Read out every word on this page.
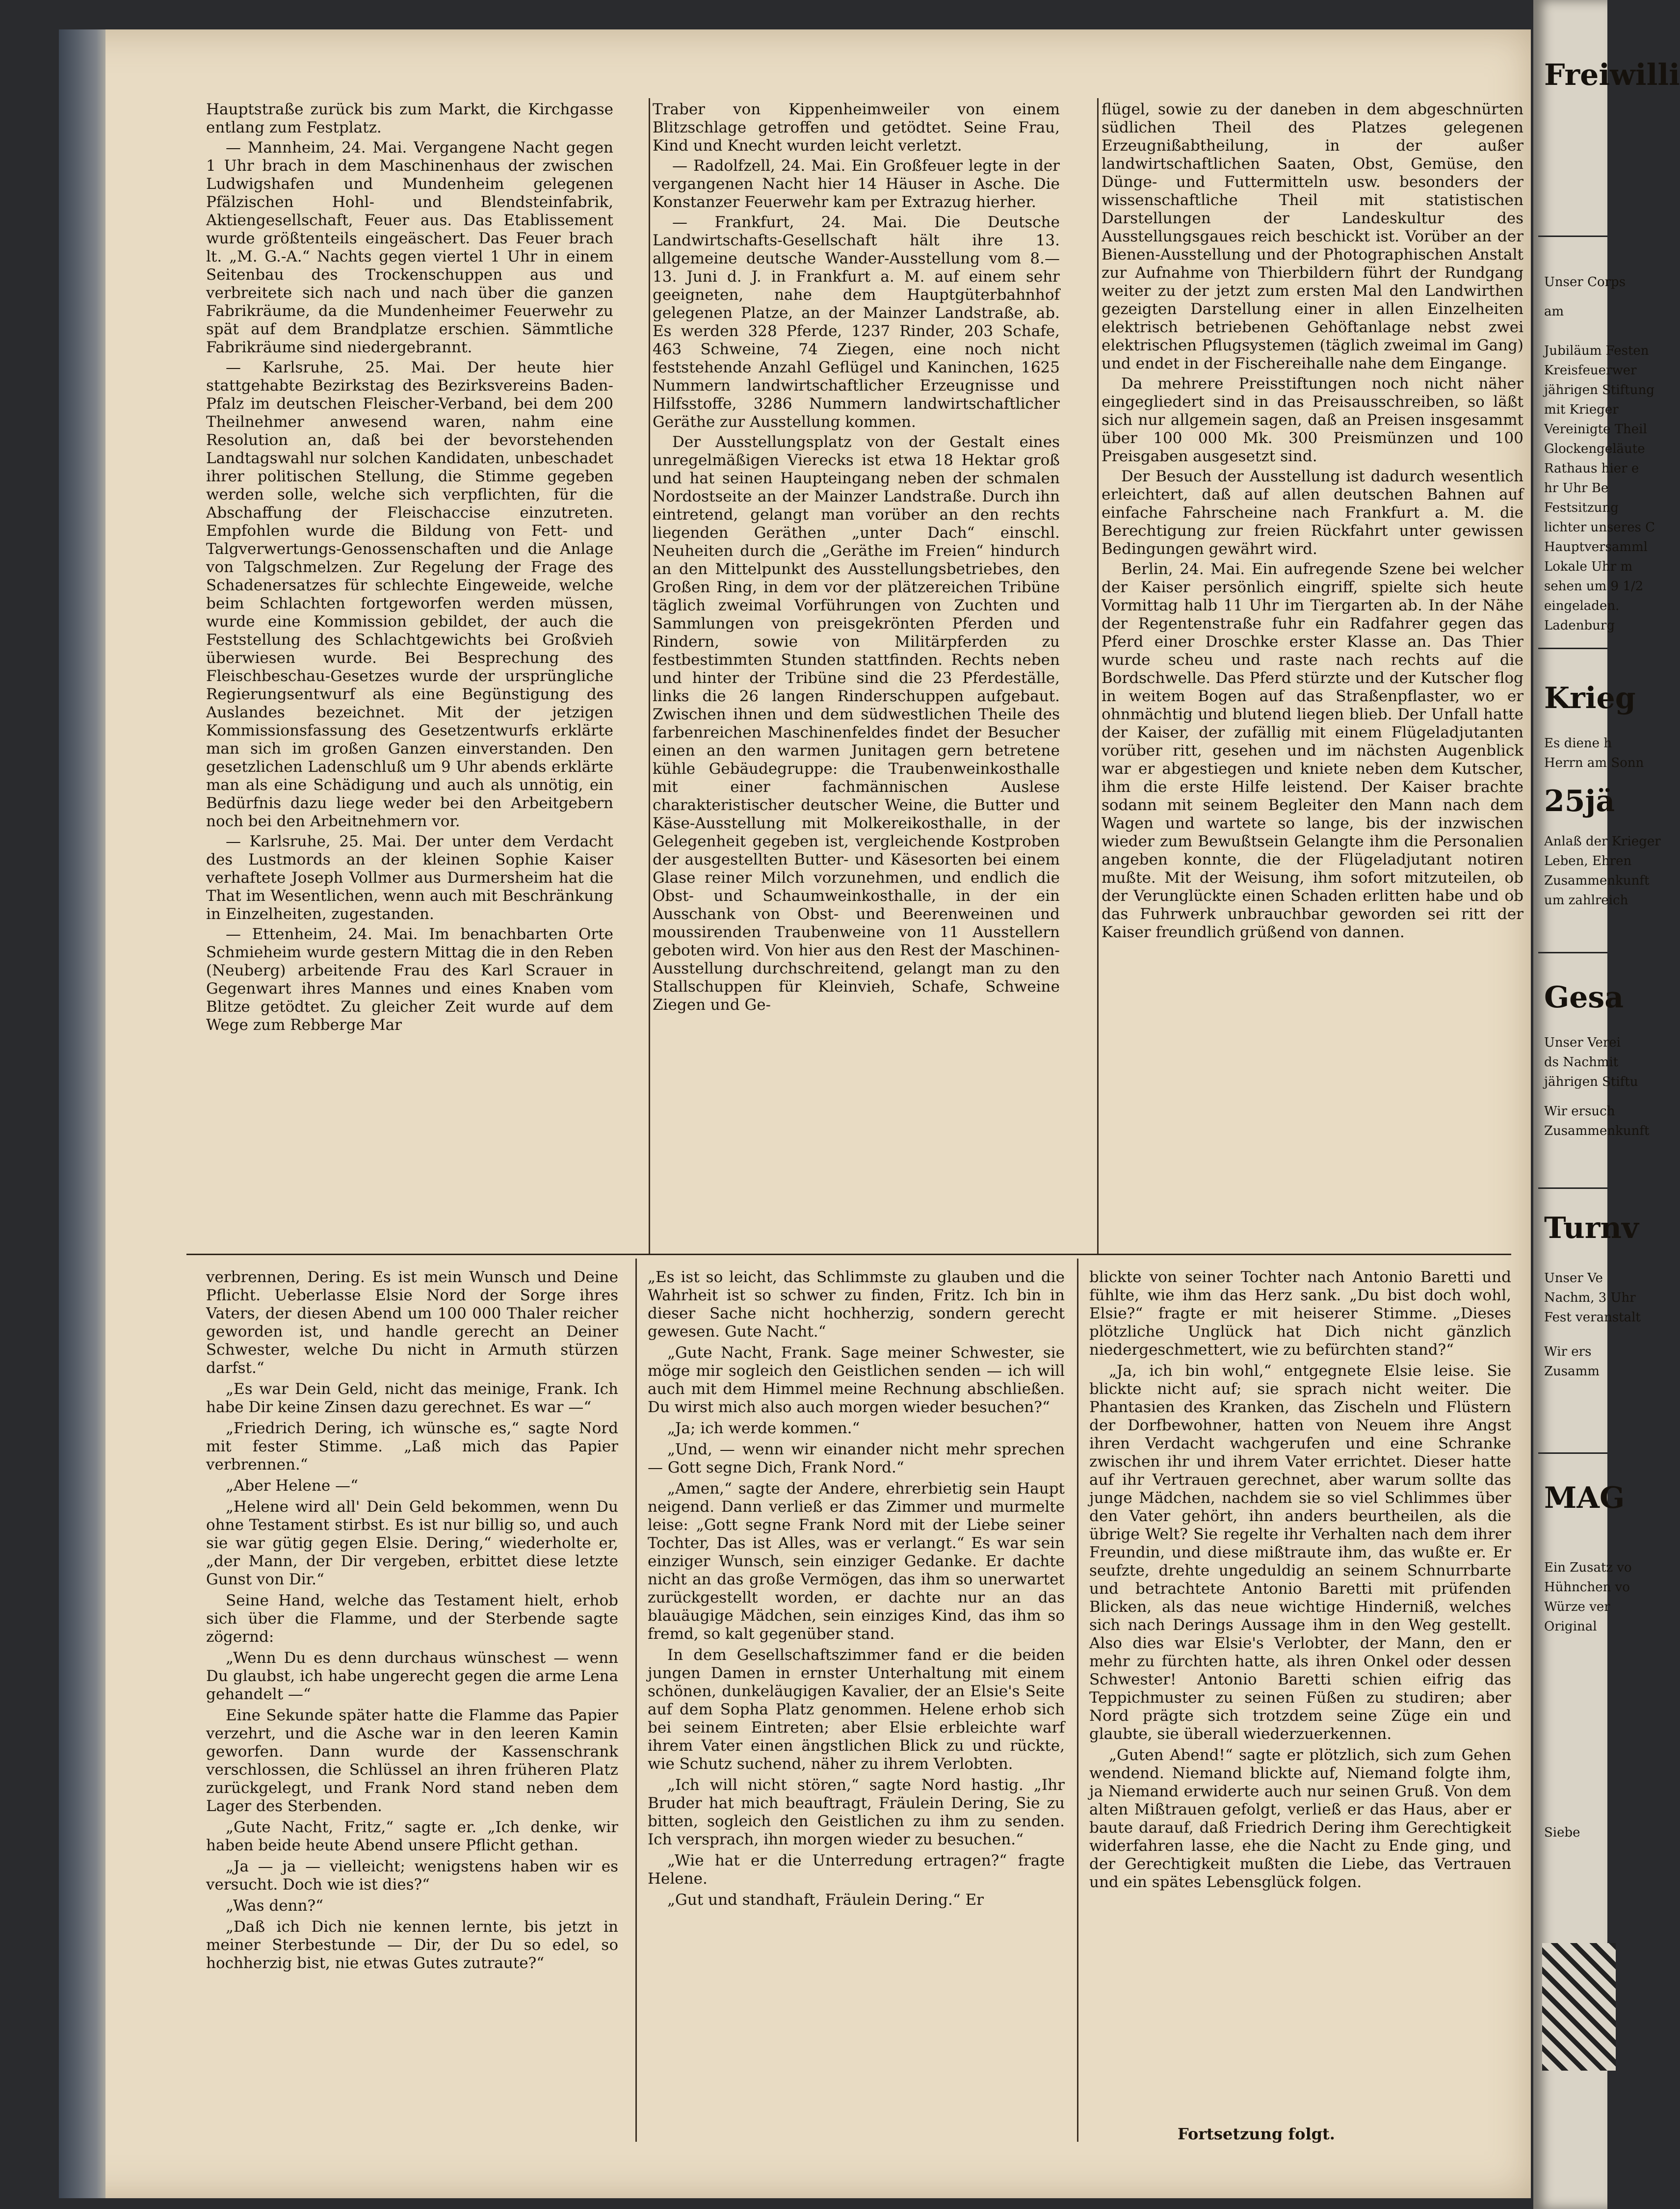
Hauptstraße zurück bis zum Markt, die Kirchgasse entlang zum Festplatz.

— Mannheim, 24. Mai. Vergangene Nacht gegen 1 Uhr brach in dem Maschinenhaus der zwischen Ludwigshafen und Mundenheim gelegenen Pfälzischen Hohl- und Blendsteinfabrik, Aktiengesellschaft, Feuer aus. Das Etablissement wurde größtenteils eingeäschert. Das Feuer brach lt. „M. G.-A.“ Nachts gegen viertel 1 Uhr in einem Seitenbau des Trockenschuppen aus und verbreitete sich nach und nach über die ganzen Fabrikräume, da die Mundenheimer Feuerwehr zu spät auf dem Brandplatze erschien. Sämmtliche Fabrikräume sind niedergebrannt.

— Karlsruhe, 25. Mai. Der heute hier stattgehabte Bezirkstag des Bezirksvereins Baden-Pfalz im deutschen Fleischer-Verband, bei dem 200 Theilnehmer anwesend waren, nahm eine Resolution an, daß bei der bevorstehenden Landtagswahl nur solchen Kandidaten, unbeschadet ihrer politischen Stellung, die Stimme gegeben werden solle, welche sich verpflichten, für die Abschaffung der Fleischaccise einzutreten. Empfohlen wurde die Bildung von Fett- und Talgverwertungs-Genossenschaften und die Anlage von Talgschmelzen. Zur Regelung der Frage des Schadenersatzes für schlechte Eingeweide, welche beim Schlachten fortgeworfen werden müssen, wurde eine Kommission gebildet, der auch die Feststellung des Schlachtgewichts bei Großvieh überwiesen wurde. Bei Besprechung des Fleischbeschau-Gesetzes wurde der ursprüngliche Regierungsentwurf als eine Begünstigung des Auslandes bezeichnet. Mit der jetzigen Kommissionsfassung des Gesetzentwurfs erklärte man sich im großen Ganzen einverstanden. Den gesetzlichen Ladenschluß um 9 Uhr abends erklärte man als eine Schädigung und auch als unnötig, ein Bedürfnis dazu liege weder bei den Arbeitgebern noch bei den Arbeitnehmern vor.

— Karlsruhe, 25. Mai. Der unter dem Verdacht des Lustmords an der kleinen Sophie Kaiser verhaftete Joseph Vollmer aus Durmersheim hat die That im Wesentlichen, wenn auch mit Beschränkung in Einzelheiten, zugestanden.

— Ettenheim, 24. Mai. Im benachbarten Orte Schmieheim wurde gestern Mittag die in den Reben (Neuberg) arbeitende Frau des Karl Scrauer in Gegenwart ihres Mannes und eines Knaben vom Blitze getödtet. Zu gleicher Zeit wurde auf dem Wege zum Rebberge Mar

Traber von Kippenheimweiler von einem Blitzschlage getroffen und getödtet. Seine Frau, Kind und Knecht wurden leicht verletzt.

— Radolfzell, 24. Mai. Ein Großfeuer legte in der vergangenen Nacht hier 14 Häuser in Asche. Die Konstanzer Feuerwehr kam per Extrazug hierher.

— Frankfurt, 24. Mai. Die Deutsche Landwirtschafts-Gesellschaft hält ihre 13. allgemeine deutsche Wander-Ausstellung vom 8.—13. Juni d. J. in Frankfurt a. M. auf einem sehr geeigneten, nahe dem Hauptgüterbahnhof gelegenen Platze, an der Mainzer Landstraße, ab. Es werden 328 Pferde, 1237 Rinder, 203 Schafe, 463 Schweine, 74 Ziegen, eine noch nicht feststehende Anzahl Geflügel und Kaninchen, 1625 Nummern landwirtschaftlicher Erzeugnisse und Hilfsstoffe, 3286 Nummern landwirtschaftlicher Geräthe zur Ausstellung kommen.

Der Ausstellungsplatz von der Gestalt eines unregelmäßigen Vierecks ist etwa 18 Hektar groß und hat seinen Haupteingang neben der schmalen Nordostseite an der Mainzer Landstraße. Durch ihn eintretend, gelangt man vorüber an den rechts liegenden Geräthen „unter Dach“ einschl. Neuheiten durch die „Geräthe im Freien“ hindurch an den Mittelpunkt des Ausstellungsbetriebes, den Großen Ring, in dem vor der plätzereichen Tribüne täglich zweimal Vorführungen von Zuchten und Sammlungen von preisgekrönten Pferden und Rindern, sowie von Militärpferden zu festbestimmten Stunden stattfinden. Rechts neben und hinter der Tribüne sind die 23 Pferdeställe, links die 26 langen Rinderschuppen aufgebaut. Zwischen ihnen und dem südwestlichen Theile des farbenreichen Maschinenfeldes findet der Besucher einen an den warmen Junitagen gern betretene kühle Gebäudegruppe: die Traubenweinkosthalle mit einer fachmännischen Auslese charakteristischer deutscher Weine, die Butter und Käse-Ausstellung mit Molkereikosthalle, in der Gelegenheit gegeben ist, vergleichende Kostproben der ausgestellten Butter- und Käsesorten bei einem Glase reiner Milch vorzunehmen, und endlich die Obst- und Schaumweinkosthalle, in der ein Ausschank von Obst- und Beerenweinen und moussirenden Traubenweine von 11 Ausstellern geboten wird. Von hier aus den Rest der Maschinen-Ausstellung durchschreitend, gelangt man zu den Stallschuppen für Kleinvieh, Schafe, Schweine Ziegen und Ge-

flügel, sowie zu der daneben in dem abgeschnürten südlichen Theil des Platzes gelegenen Erzeugnißabtheilung, in der außer landwirtschaftlichen Saaten, Obst, Gemüse, den Dünge- und Futtermitteln usw. besonders der wissenschaftliche Theil mit statistischen Darstellungen der Landeskultur des Ausstellungsgaues reich beschickt ist. Vorüber an der Bienen-Ausstellung und der Photographischen Anstalt zur Aufnahme von Thierbildern führt der Rundgang weiter zu der jetzt zum ersten Mal den Landwirthen gezeigten Darstellung einer in allen Einzelheiten elektrisch betriebenen Gehöftanlage nebst zwei elektrischen Pflugsystemen (täglich zweimal im Gang) und endet in der Fischereihalle nahe dem Eingange.

Da mehrere Preisstiftungen noch nicht näher eingegliedert sind in das Preisausschreiben, so läßt sich nur allgemein sagen, daß an Preisen insgesammt über 100 000 Mk. 300 Preismünzen und 100 Preisgaben ausgesetzt sind.

Der Besuch der Ausstellung ist dadurch wesentlich erleichtert, daß auf allen deutschen Bahnen auf einfache Fahrscheine nach Frankfurt a. M. die Berechtigung zur freien Rückfahrt unter gewissen Bedingungen gewährt wird.

Berlin, 24. Mai. Ein aufregende Szene bei welcher der Kaiser persönlich eingriff, spielte sich heute Vormittag halb 11 Uhr im Tiergarten ab. In der Nähe der Regentenstraße fuhr ein Radfahrer gegen das Pferd einer Droschke erster Klasse an. Das Thier wurde scheu und raste nach rechts auf die Bordschwelle. Das Pferd stürzte und der Kutscher flog in weitem Bogen auf das Straßenpflaster, wo er ohnmächtig und blutend liegen blieb. Der Unfall hatte der Kaiser, der zufällig mit einem Flügeladjutanten vorüber ritt, gesehen und im nächsten Augenblick war er abgestiegen und kniete neben dem Kutscher, ihm die erste Hilfe leistend. Der Kaiser brachte sodann mit seinem Begleiter den Mann nach dem Wagen und wartete so lange, bis der inzwischen wieder zum Bewußtsein Gelangte ihm die Personalien angeben konnte, die der Flügeladjutant notiren mußte. Mit der Weisung, ihm sofort mitzuteilen, ob der Verunglückte einen Schaden erlitten habe und ob das Fuhrwerk unbrauchbar geworden sei ritt der Kaiser freundlich grüßend von dannen.

verbrennen, Dering. Es ist mein Wunsch und Deine Pflicht. Ueberlasse Elsie Nord der Sorge ihres Vaters, der diesen Abend um 100 000 Thaler reicher geworden ist, und handle gerecht an Deiner Schwester, welche Du nicht in Armuth stürzen darfst.“

„Es war Dein Geld, nicht das meinige, Frank. Ich habe Dir keine Zinsen dazu gerechnet. Es war —“

„Friedrich Dering, ich wünsche es,“ sagte Nord mit fester Stimme. „Laß mich das Papier verbrennen.“

„Aber Helene —“

„Helene wird all' Dein Geld bekommen, wenn Du ohne Testament stirbst. Es ist nur billig so, und auch sie war gütig gegen Elsie. Dering,“ wiederholte er, „der Mann, der Dir vergeben, erbittet diese letzte Gunst von Dir.“

Seine Hand, welche das Testament hielt, erhob sich über die Flamme, und der Sterbende sagte zögernd:

„Wenn Du es denn durchaus wünschest — wenn Du glaubst, ich habe ungerecht gegen die arme Lena gehandelt —“

Eine Sekunde später hatte die Flamme das Papier verzehrt, und die Asche war in den leeren Kamin geworfen. Dann wurde der Kassenschrank verschlossen, die Schlüssel an ihren früheren Platz zurückgelegt, und Frank Nord stand neben dem Lager des Sterbenden.

„Gute Nacht, Fritz,“ sagte er. „Ich denke, wir haben beide heute Abend unsere Pflicht gethan.

„Ja — ja — vielleicht; wenigstens haben wir es versucht. Doch wie ist dies?“

„Was denn?“

„Daß ich Dich nie kennen lernte, bis jetzt in meiner Sterbestunde — Dir, der Du so edel, so hochherzig bist, nie etwas Gutes zutraute?“

„Es ist so leicht, das Schlimmste zu glauben und die Wahrheit ist so schwer zu finden, Fritz. Ich bin in dieser Sache nicht hochherzig, sondern gerecht gewesen. Gute Nacht.“

„Gute Nacht, Frank. Sage meiner Schwester, sie möge mir sogleich den Geistlichen senden — ich will auch mit dem Himmel meine Rechnung abschließen. Du wirst mich also auch morgen wieder besuchen?“

„Ja; ich werde kommen.“

„Und, — wenn wir einander nicht mehr sprechen — Gott segne Dich, Frank Nord.“

„Amen,“ sagte der Andere, ehrerbietig sein Haupt neigend. Dann verließ er das Zimmer und murmelte leise: „Gott segne Frank Nord mit der Liebe seiner Tochter, Das ist Alles, was er verlangt.“ Es war sein einziger Wunsch, sein einziger Gedanke. Er dachte nicht an das große Vermögen, das ihm so unerwartet zurückgestellt worden, er dachte nur an das blauäugige Mädchen, sein einziges Kind, das ihm so fremd, so kalt gegenüber stand.

In dem Gesellschaftszimmer fand er die beiden jungen Damen in ernster Unterhaltung mit einem schönen, dunkeläugigen Kavalier, der an Elsie's Seite auf dem Sopha Platz genommen. Helene erhob sich bei seinem Eintreten; aber Elsie erbleichte warf ihrem Vater einen ängstlichen Blick zu und rückte, wie Schutz suchend, näher zu ihrem Verlobten.

„Ich will nicht stören,“ sagte Nord hastig. „Ihr Bruder hat mich beauftragt, Fräulein Dering, Sie zu bitten, sogleich den Geistlichen zu ihm zu senden. Ich versprach, ihn morgen wieder zu besuchen.“

„Wie hat er die Unterredung ertragen?“ fragte Helene.

„Gut und standhaft, Fräulein Dering.“ Er

blickte von seiner Tochter nach Antonio Baretti und fühlte, wie ihm das Herz sank. „Du bist doch wohl, Elsie?“ fragte er mit heiserer Stimme. „Dieses plötzliche Unglück hat Dich nicht gänzlich niedergeschmettert, wie zu befürchten stand?“

„Ja, ich bin wohl,“ entgegnete Elsie leise. Sie blickte nicht auf; sie sprach nicht weiter. Die Phantasien des Kranken, das Zischeln und Flüstern der Dorfbewohner, hatten von Neuem ihre Angst ihren Verdacht wachgerufen und eine Schranke zwischen ihr und ihrem Vater errichtet. Dieser hatte auf ihr Vertrauen gerechnet, aber warum sollte das junge Mädchen, nachdem sie so viel Schlimmes über den Vater gehört, ihn anders beurtheilen, als die übrige Welt? Sie regelte ihr Verhalten nach dem ihrer Freundin, und diese mißtraute ihm, das wußte er. Er seufzte, drehte ungeduldig an seinem Schnurrbarte und betrachtete Antonio Baretti mit prüfenden Blicken, als das neue wichtige Hinderniß, welches sich nach Derings Aussage ihm in den Weg gestellt. Also dies war Elsie's Verlobter, der Mann, den er mehr zu fürchten hatte, als ihren Onkel oder dessen Schwester! Antonio Baretti schien eifrig das Teppichmuster zu seinen Füßen zu studiren; aber Nord prägte sich trotzdem seine Züge ein und glaubte, sie überall wiederzuerkennen.

„Guten Abend!“ sagte er plötzlich, sich zum Gehen wendend. Niemand blickte auf, Niemand folgte ihm, ja Niemand erwiderte auch nur seinen Gruß. Von dem alten Mißtrauen gefolgt, verließ er das Haus, aber er baute darauf, daß Friedrich Dering ihm Gerechtigkeit widerfahren lasse, ehe die Nacht zu Ende ging, und der Gerechtigkeit mußten die Liebe, das Vertrauen und ein spätes Lebensglück folgen.

Fortsetzung folgt.
Freiwilli
Unser Corps
am
Jubiläum Festen
Kreisfeuerwer
jährigen Stiftung
mit Krieger
Vereinigte Theil
Glockengeläute
Rathaus hier e
hr Uhr Be
Festsitzung
lichter unseres C
Hauptversamml
Lokale Uhr m
sehen um 9 1/2
eingeladen.
Ladenburg
Krieg
Es diene h
Herrn am Sonn
25jä
Anlaß der Krieger
Leben, Ehren
Zusammenkunft
um zahlreich
Gesa
Unser Verei
ds Nachmit
jährigen Stiftu
Wir ersuch
Zusammenkunft
Turnv
Unser Ve
Nachm, 3 Uhr
Fest veranstalt
Wir ers
Zusamm
MAG
Ein Zusatz vo
Hühnchen vo
Würze ver
Original
Siebe
